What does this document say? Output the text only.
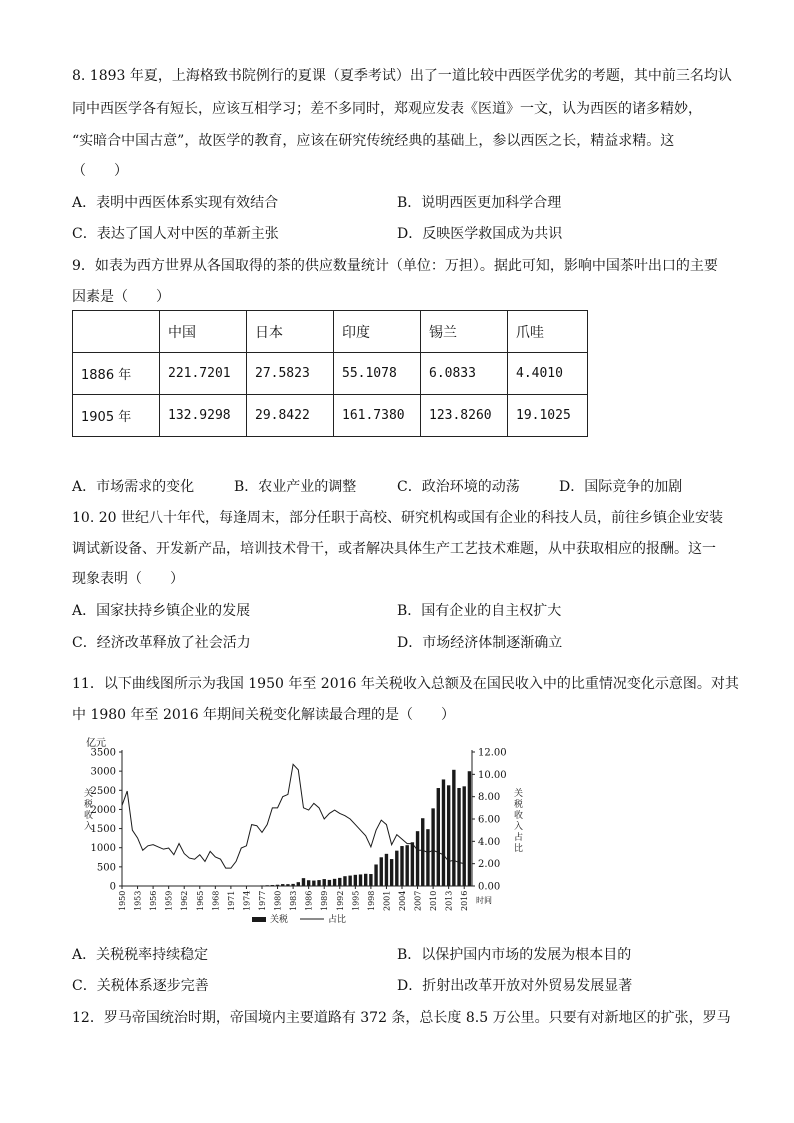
8. 1893 年夏，上海格致书院例行的夏课（夏季考试）出了一道比较中西医学优劣的考题，其中前三名均认
同中西医学各有短长，应该互相学习；差不多同时，郑观应发表《医道》一文，认为西医的诸多精妙，
“实暗合中国古意”，故医学的教育，应该在研究传统经典的基础上，参以西医之长，精益求精。这
（　　）
A．表明中西医体系实现有效结合	B．说明西医更加科学合理
C．表达了国人对中医的革新主张	D．反映医学救国成为共识
9．如表为西方世界从各国取得的茶的供应数量统计（单位：万担）。据此可知，影响中国茶叶出口的主要
因素是（　　）
	中国	日本	印度	锡兰	爪哇
1886 年	221.7201	27.5823	55.1078	6.0833	4.4010
1905 年	132.9298	29.8422	161.7380	123.8260	19.1025
A．市场需求的变化	B．农业产业的调整	C．政治环境的动荡	D．国际竞争的加剧
10. 20 世纪八十年代，每逢周末，部分任职于高校、研究机构或国有企业的科技人员，前往乡镇企业安装
调试新设备、开发新产品，培训技术骨干，或者解决具体生产工艺技术难题，从中获取相应的报酬。这一
现象表明（　　）
A．国家扶持乡镇企业的发展	B．国有企业的自主权扩大
C．经济改革释放了社会活力	D．市场经济体制逐渐确立
11．以下曲线图所示为我国 1950 年至 2016 年关税收入总额及在国民收入中的比重情况变化示意图。对其
中 1980 年至 2016 年期间关税变化解读最合理的是（　　）
0
500
1000
1500
2000
2500
3000
3500
0.00
2.00
4.00
6.00
8.00
10.00
12.00
1950 1953 1956 1959 1962 1965 1968 1971 1974 1977 1980 1983 1986 1989 1992 1995 1998 2001 2004 2007 2010 2013 2016
亿元
关税收入
关税收入占比
时间
关税	占比
A．关税税率持续稳定	B．以保护国内市场的发展为根本目的
C．关税体系逐步完善	D．折射出改革开放对外贸易发展显著
12．罗马帝国统治时期，帝国境内主要道路有 372 条，总长度 8.5 万公里。只要有对新地区的扩张，罗马
